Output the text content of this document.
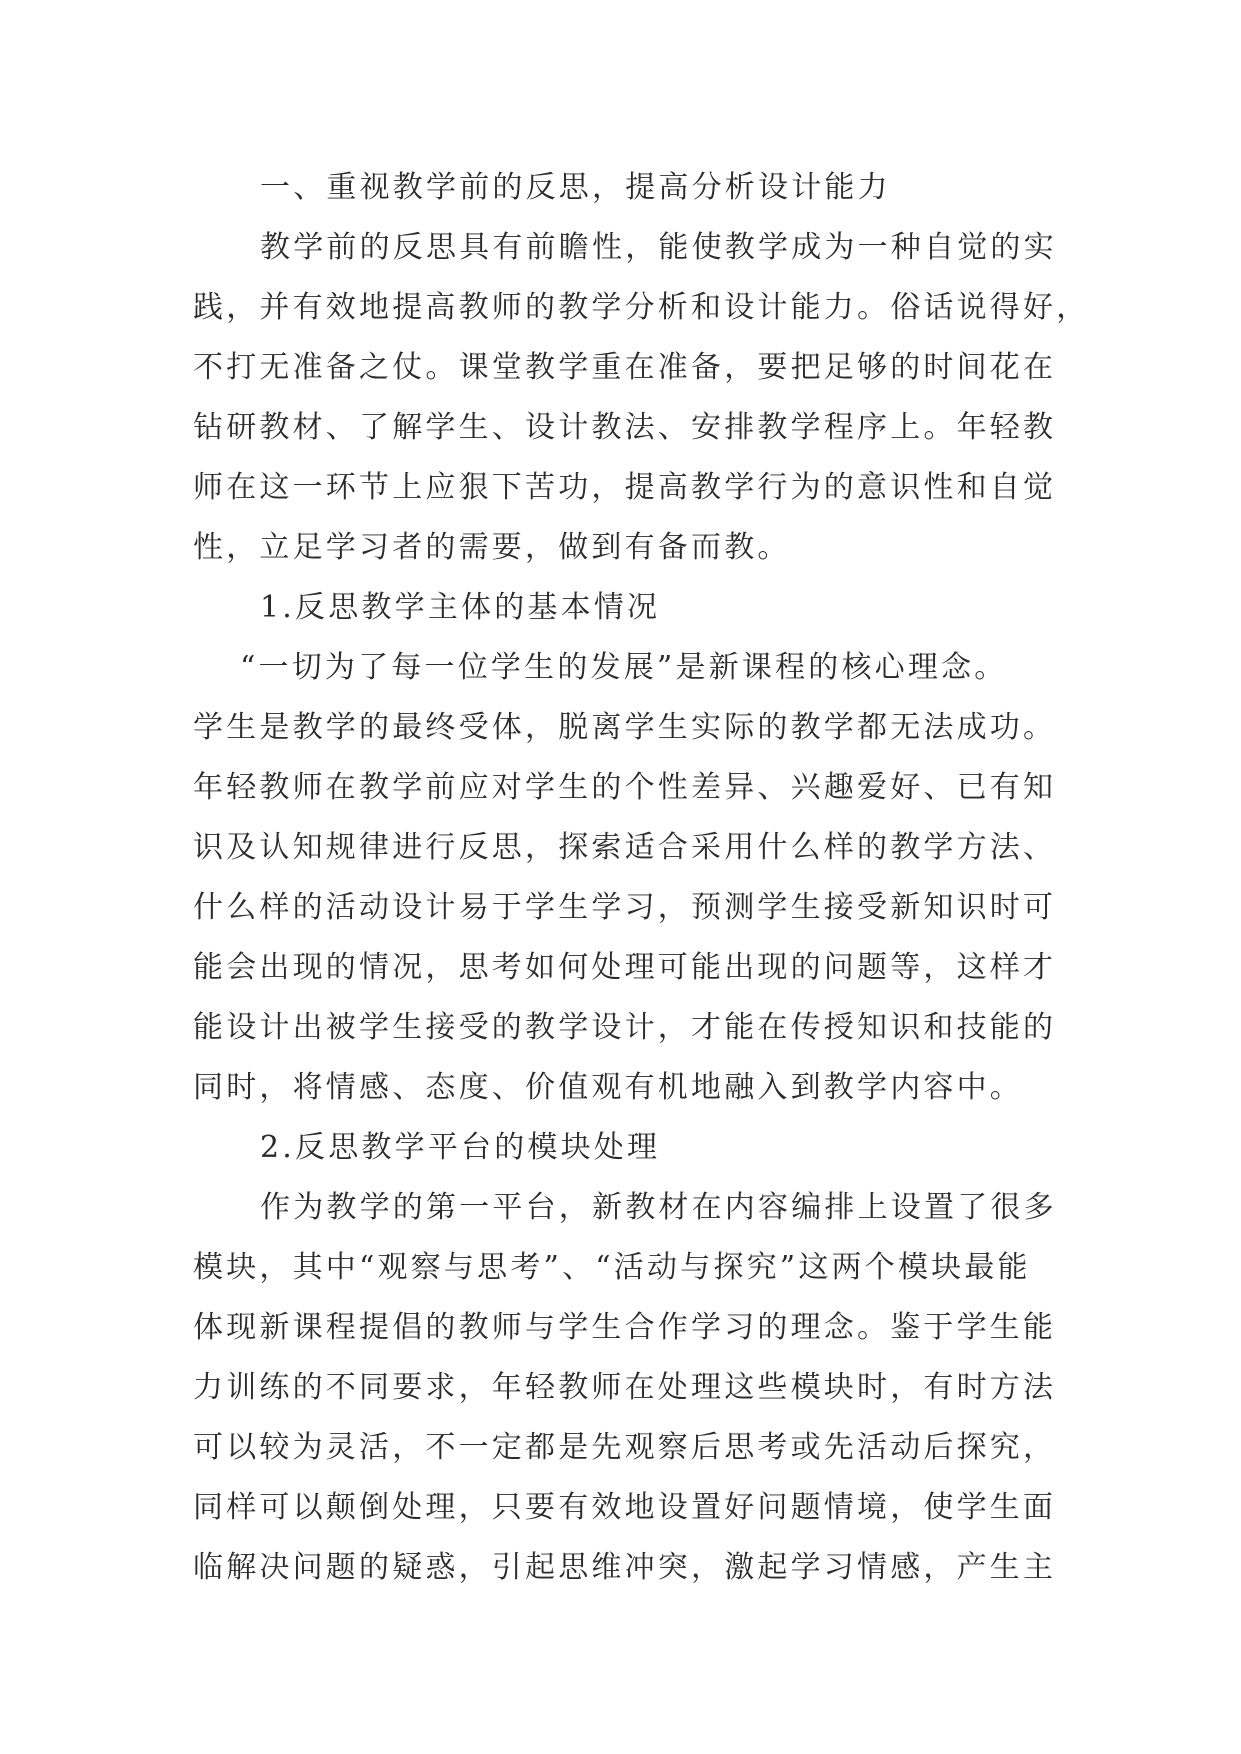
一、重视教学前的反思，提高分析设计能力

教学前的反思具有前瞻性，能使教学成为一种自觉的实
践，并有效地提高教师的教学分析和设计能力。俗话说得好，
不打无准备之仗。课堂教学重在准备，要把足够的时间花在
钻研教材、了解学生、设计教法、安排教学程序上。年轻教
师在这一环节上应狠下苦功，提高教学行为的意识性和自觉
性，立足学习者的需要，做到有备而教。

1.反思教学主体的基本情况

“一切为了每一位学生的发展”是新课程的核心理念。
学生是教学的最终受体，脱离学生实际的教学都无法成功。
年轻教师在教学前应对学生的个性差异、兴趣爱好、已有知
识及认知规律进行反思，探索适合采用什么样的教学方法、
什么样的活动设计易于学生学习，预测学生接受新知识时可
能会出现的情况，思考如何处理可能出现的问题等，这样才
能设计出被学生接受的教学设计，才能在传授知识和技能的
同时，将情感、态度、价值观有机地融入到教学内容中。

2.反思教学平台的模块处理

作为教学的第一平台，新教材在内容编排上设置了很多
模块，其中“观察与思考”、“活动与探究”这两个模块最能
体现新课程提倡的教师与学生合作学习的理念。鉴于学生能
力训练的不同要求，年轻教师在处理这些模块时，有时方法
可以较为灵活，不一定都是先观察后思考或先活动后探究，
同样可以颠倒处理，只要有效地设置好问题情境，使学生面
临解决问题的疑惑，引起思维冲突，激起学习情感，产生主
